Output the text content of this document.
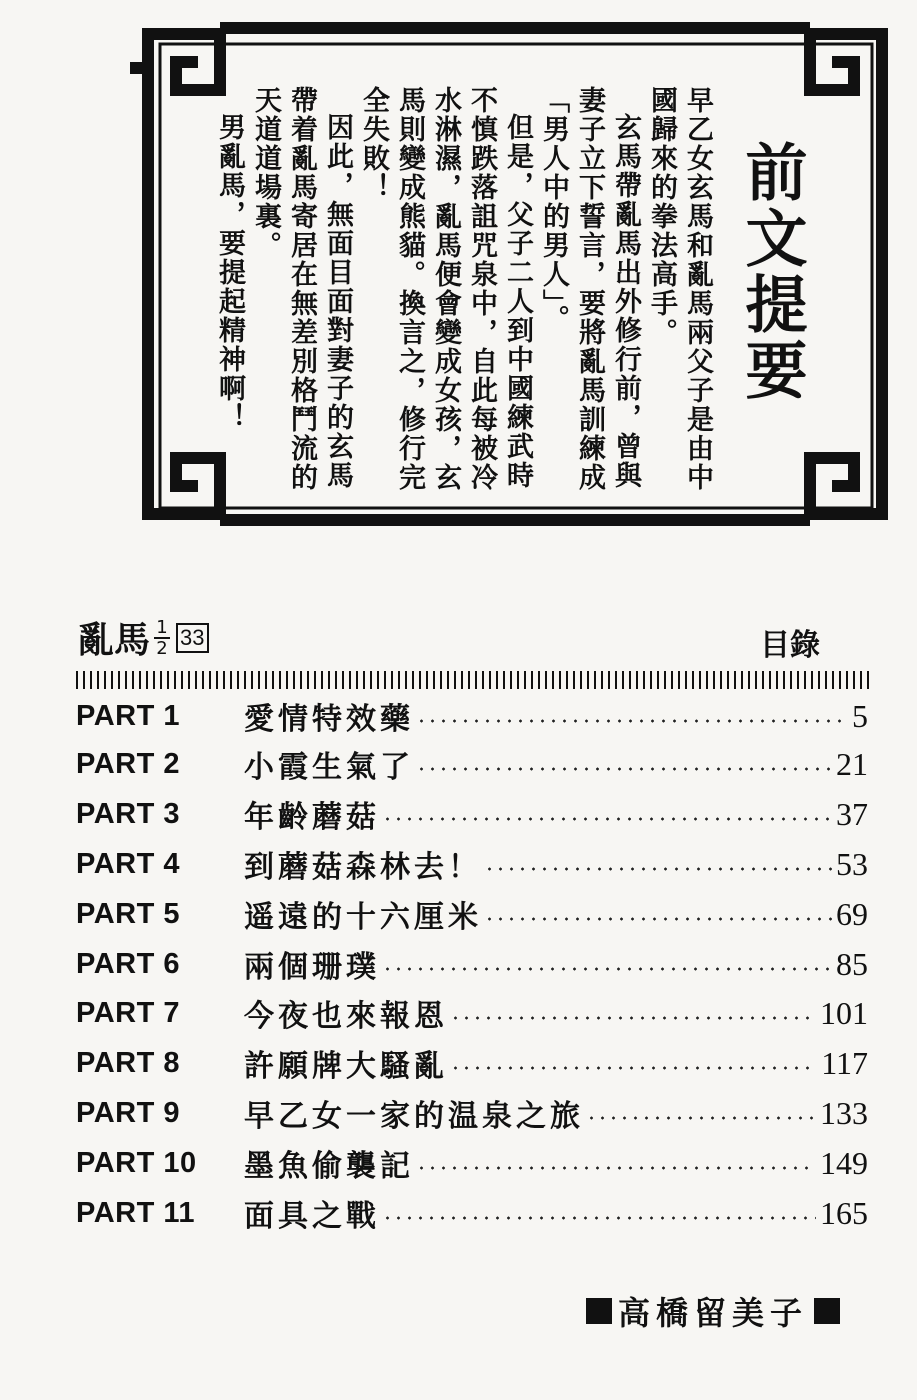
前文提要

早乙女玄馬和亂馬兩父子是由中國歸來的拳法高手。

玄馬帶亂馬出外修行前，曾與妻子立下誓言，要將亂馬訓練成「男人中的男人」。

但是，父子二人到中國練武時不慎跌落詛咒泉中，自此每被冷水淋濕，亂馬便會變成女孩，玄馬則變成熊貓。換言之，修行完全失敗！

因此，無面目面對妻子的玄馬帶着亂馬寄居在無差別格鬥流的天道道場裏。

男亂馬，要提起精神啊！

亂馬 $\frac{1}{2} 33$	目錄
PART 1	愛情特效藥	5
PART 2	小霞生氣了	21
PART 3	年齡蘑菇	37
PART 4	到蘑菇森林去！	53
PART 5	遥遠的十六厘米	69
PART 6	兩個珊璞	85
PART 7	今夜也來報恩	101
PART 8	許願牌大騷亂	117
PART 9	早乙女一家的温泉之旅	133
PART 10	墨魚偷襲記	149
PART 11	面具之戰	165
高橋留美子
